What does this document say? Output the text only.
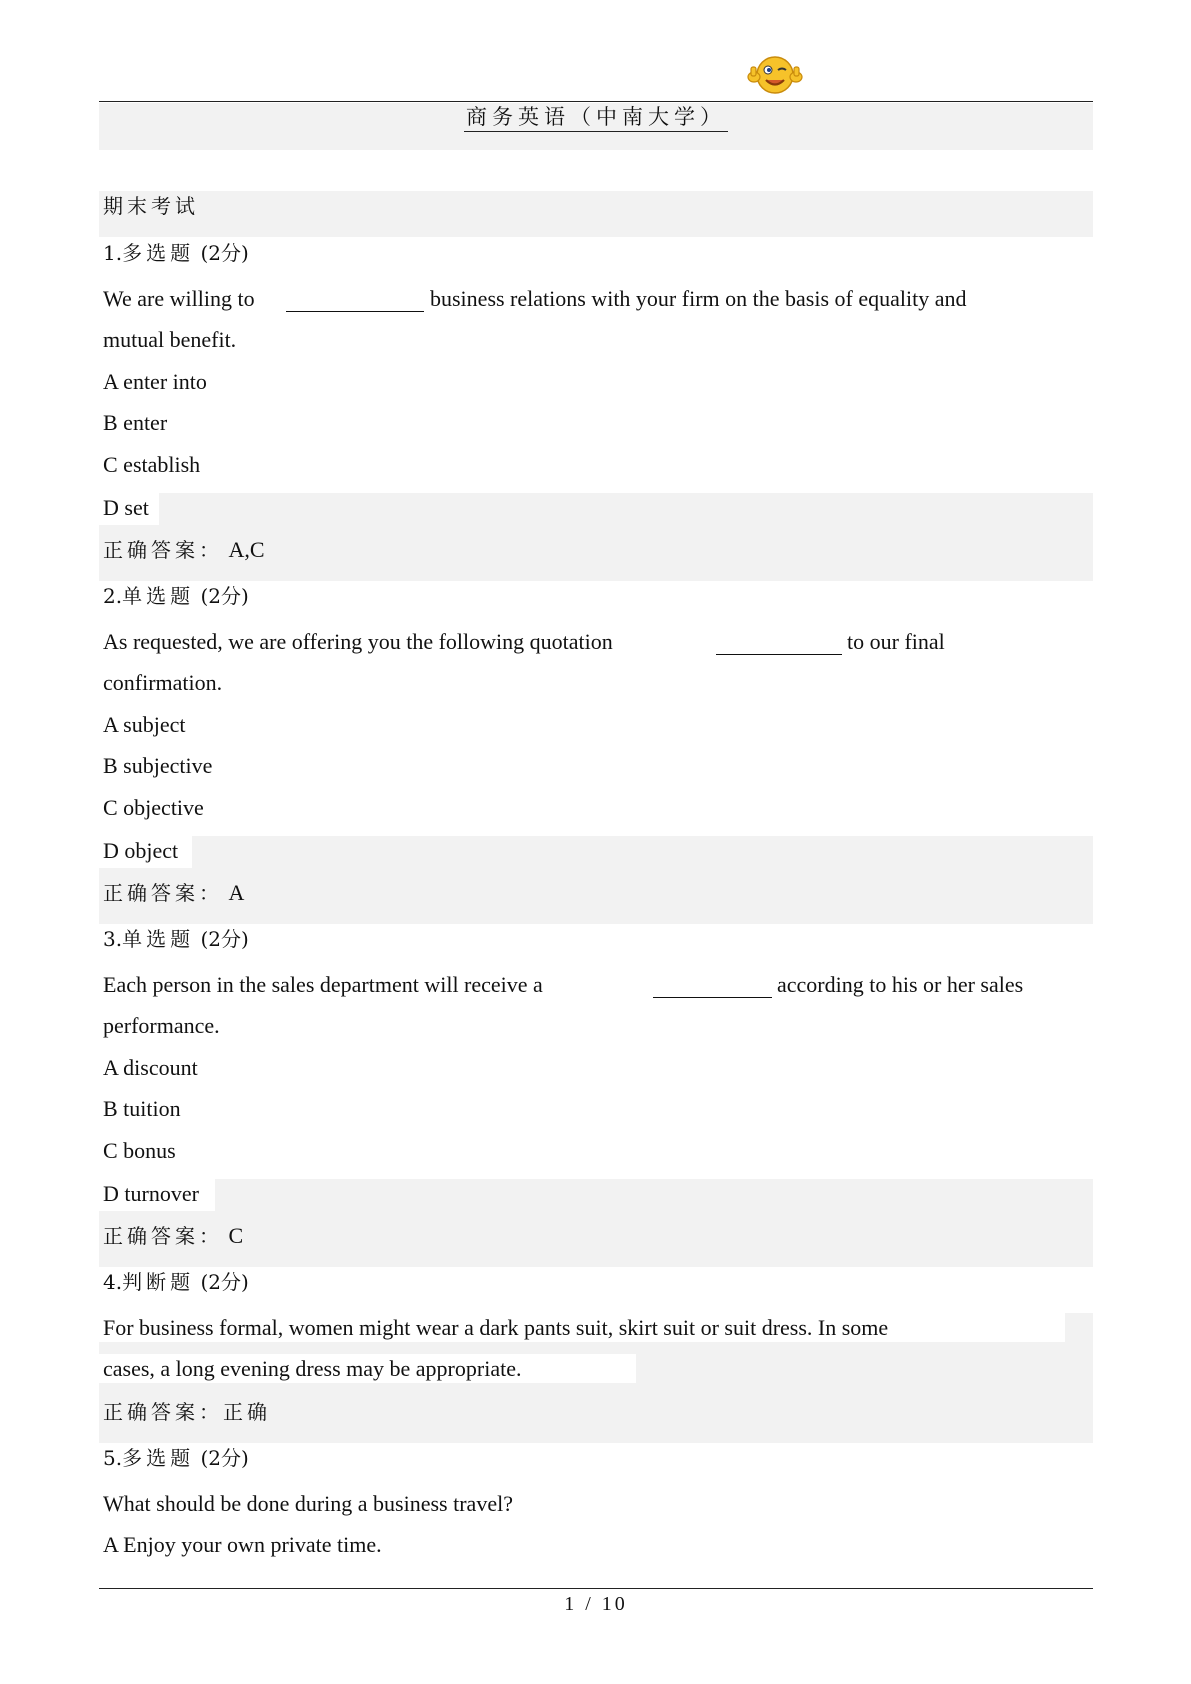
商务英语（中南大学）
期末考试
1.多选题 (2分)
We are willing to	business relations with your firm on the basis of equality and
mutual benefit.
A enter into
B enter
C establish
D set
正确答案： A,C
2.单选题 (2分)
As requested, we are offering you the following quotation	to our final
confirmation.
A subject
B subjective
C objective
D object
正确答案： A
3.单选题 (2分)
Each person in the sales department will receive a	according to his or her sales
performance.
A discount
B tuition
C bonus
D turnover
正确答案： C
4.判断题 (2分)
For business formal, women might wear a dark pants suit, skirt suit or suit dress. In some
cases, a long evening dress may be appropriate.
正确答案：正确
5.多选题 (2分)
What should be done during a business travel?
A Enjoy your own private time.
1 / 10
